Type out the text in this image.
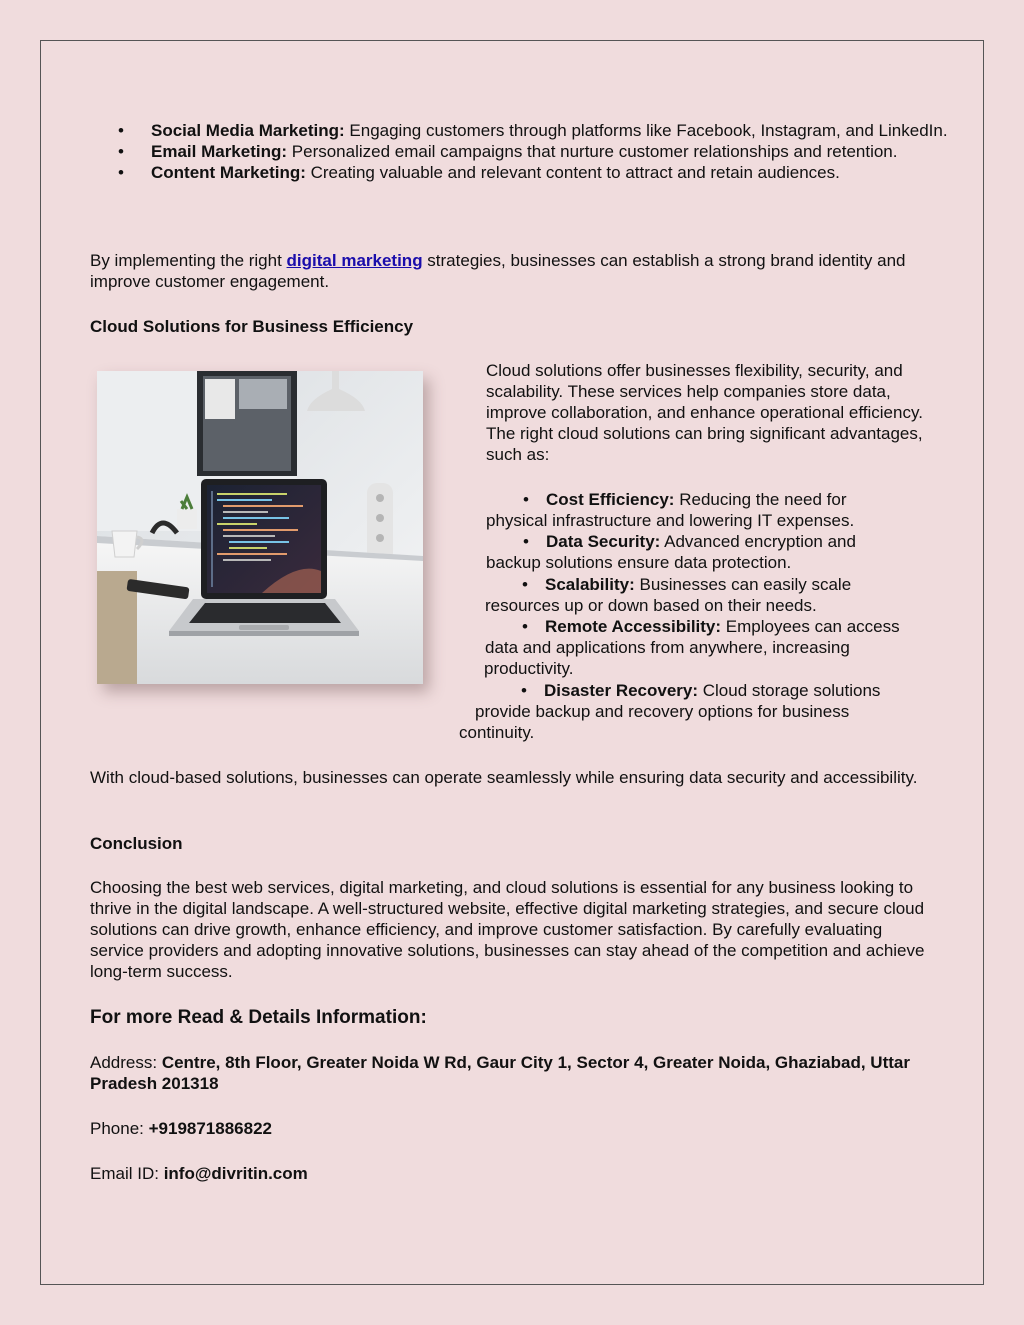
• Social Media Marketing: Engaging customers through platforms like Facebook, Instagram, and LinkedIn.
• Email Marketing: Personalized email campaigns that nurture customer relationships and retention.
• Content Marketing: Creating valuable and relevant content to attract and retain audiences.

By implementing the right digital marketing strategies, businesses can establish a strong brand identity and improve customer engagement.

Cloud Solutions for Business Efficiency
Cloud solutions offer businesses flexibility, security, and scalability. These services help companies store data, improve collaboration, and enhance operational efficiency. The right cloud solutions can bring significant advantages, such as:
• Cost Efficiency: Reducing the need for
physical infrastructure and lowering IT expenses.
• Data Security: Advanced encryption and
backup solutions ensure data protection.
• Scalability: Businesses can easily scale
resources up or down based on their needs.
• Remote Accessibility: Employees can access
data and applications from anywhere, increasing
productivity.
• Disaster Recovery: Cloud storage solutions
provide backup and recovery options for business
continuity.

With cloud-based solutions, businesses can operate seamlessly while ensuring data security and accessibility.

Conclusion

Choosing the best web services, digital marketing, and cloud solutions is essential for any business looking to thrive in the digital landscape. A well-structured website, effective digital marketing strategies, and secure cloud solutions can drive growth, enhance efficiency, and improve customer satisfaction. By carefully evaluating service providers and adopting innovative solutions, businesses can stay ahead of the competition and achieve long-term success.

For more Read & Details Information:

Address: Centre, 8th Floor, Greater Noida W Rd, Gaur City 1, Sector 4, Greater Noida, Ghaziabad, Uttar Pradesh 201318

Phone: +919871886822

Email ID: info@divritin.com
